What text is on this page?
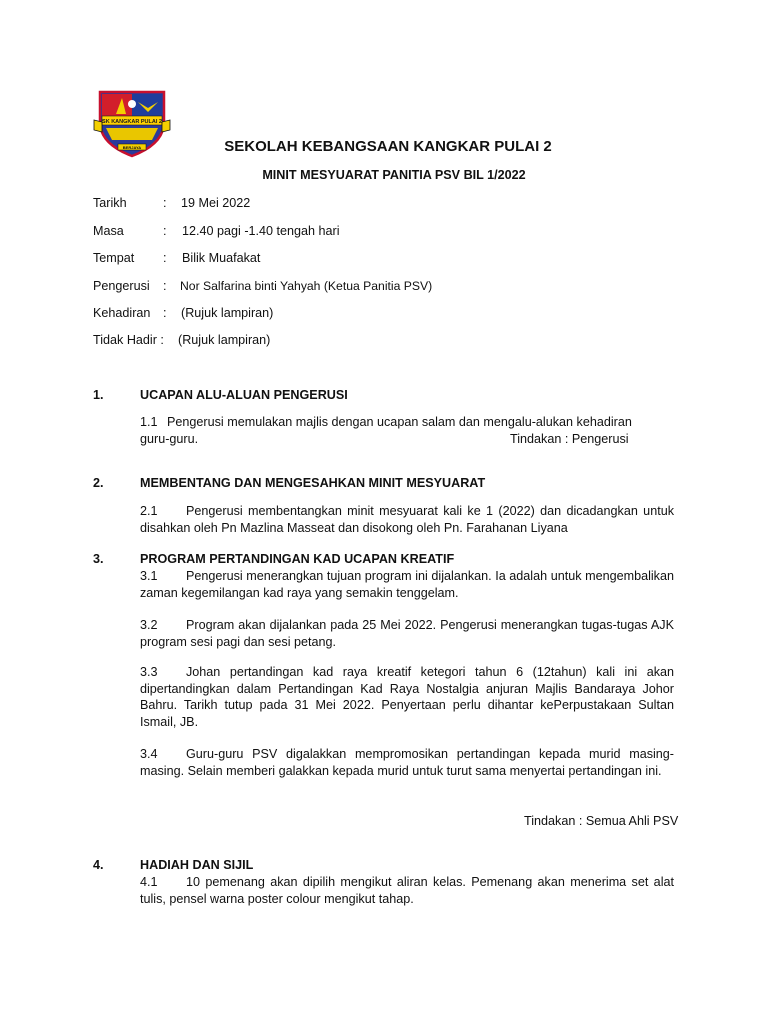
SK KANGKAR PULAI 2
BERJAYA	SEKOLAH KEBANGSAAN KANGKAR PULAI 2
MINIT MESYUARAT PANITIA PSV BIL 1/2022
Tarikh	: 19 Mei 2022
Masa	: 12.40 pagi -1.40 tengah hari
Tempat : Bilik Muafakat
Pengerusi : Nor Salfarina binti Yahyah (Ketua Panitia PSV)
Kehadiran : (Rujuk lampiran)
Tidak Hadir : (Rujuk lampiran)
1.	UCAPAN ALU-ALUAN PENGERUSI
1.1 Pengerusi memulakan majlis dengan ucapan salam dan mengalu-alukan kehadiran
guru-guru.	Tindakan : Pengerusi
2.	MEMBENTANG DAN MENGESAHKAN MINIT MESYUARAT
2.1 Pengerusi membentangkan minit mesyuarat kali ke 1 (2022) dan dicadangkan untuk disahkan oleh Pn Mazlina Masseat dan disokong oleh Pn. Farahanan Liyana
3.	PROGRAM PERTANDINGAN KAD UCAPAN KREATIF
3.1 Pengerusi menerangkan tujuan program ini dijalankan. Ia adalah untuk mengembalikan zaman kegemilangan kad raya yang semakin tenggelam.
3.2 Program akan dijalankan pada 25 Mei 2022. Pengerusi menerangkan tugas-tugas AJK program sesi pagi dan sesi petang.
3.3 Johan pertandingan kad raya kreatif ketegori tahun 6 (12tahun) kali ini akan dipertandingkan dalam Pertandingan Kad Raya Nostalgia anjuran Majlis Bandaraya Johor Bahru. Tarikh tutup pada 31 Mei 2022. Penyertaan perlu dihantar kePerpustakaan Sultan Ismail, JB.
3.4 Guru-guru PSV digalakkan mempromosikan pertandingan kepada murid masing-masing. Selain memberi galakkan kepada murid untuk turut sama menyertai pertandingan ini.
Tindakan : Semua Ahli PSV
4.	HADIAH DAN SIJIL
4.1 10 pemenang akan dipilih mengikut aliran kelas. Pemenang akan menerima set alat tulis, pensel warna poster colour mengikut tahap.
